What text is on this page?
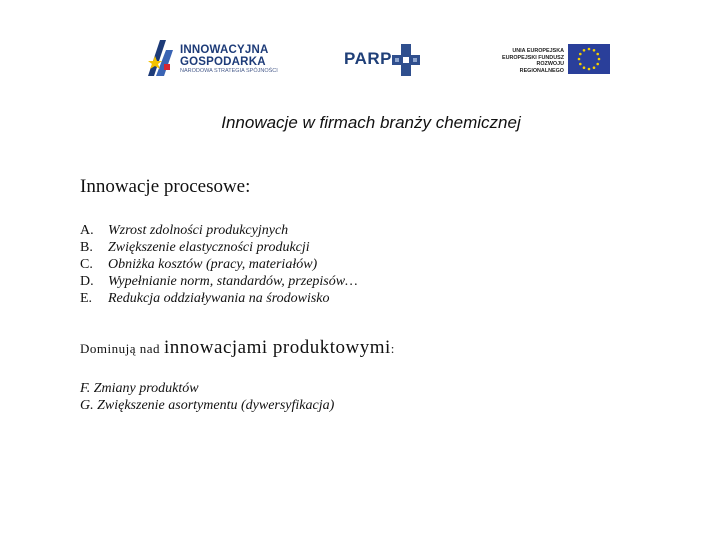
INNOWACYJNA
GOSPODARKA
NARODOWA STRATEGIA SPÓJNOŚCI
PARP	UNIA EUROPEJSKA
EUROPEJSKI FUNDUSZ
ROZWOJU REGIONALNEGO
Innowacje w firmach branży chemicznej
Innowacje procesowe:
A. Wzrost zdolności produkcyjnych
B. Zwiększenie elastyczności produkcji
C. Obniżka kosztów (pracy, materiałów)
D. Wypełnianie norm, standardów, przepisów…
E. Redukcja oddziaływania na środowisko
Dominują nad innowacjami produktowymi:
F. Zmiany produktów
G. Zwiększenie asortymentu (dywersyfikacja)
